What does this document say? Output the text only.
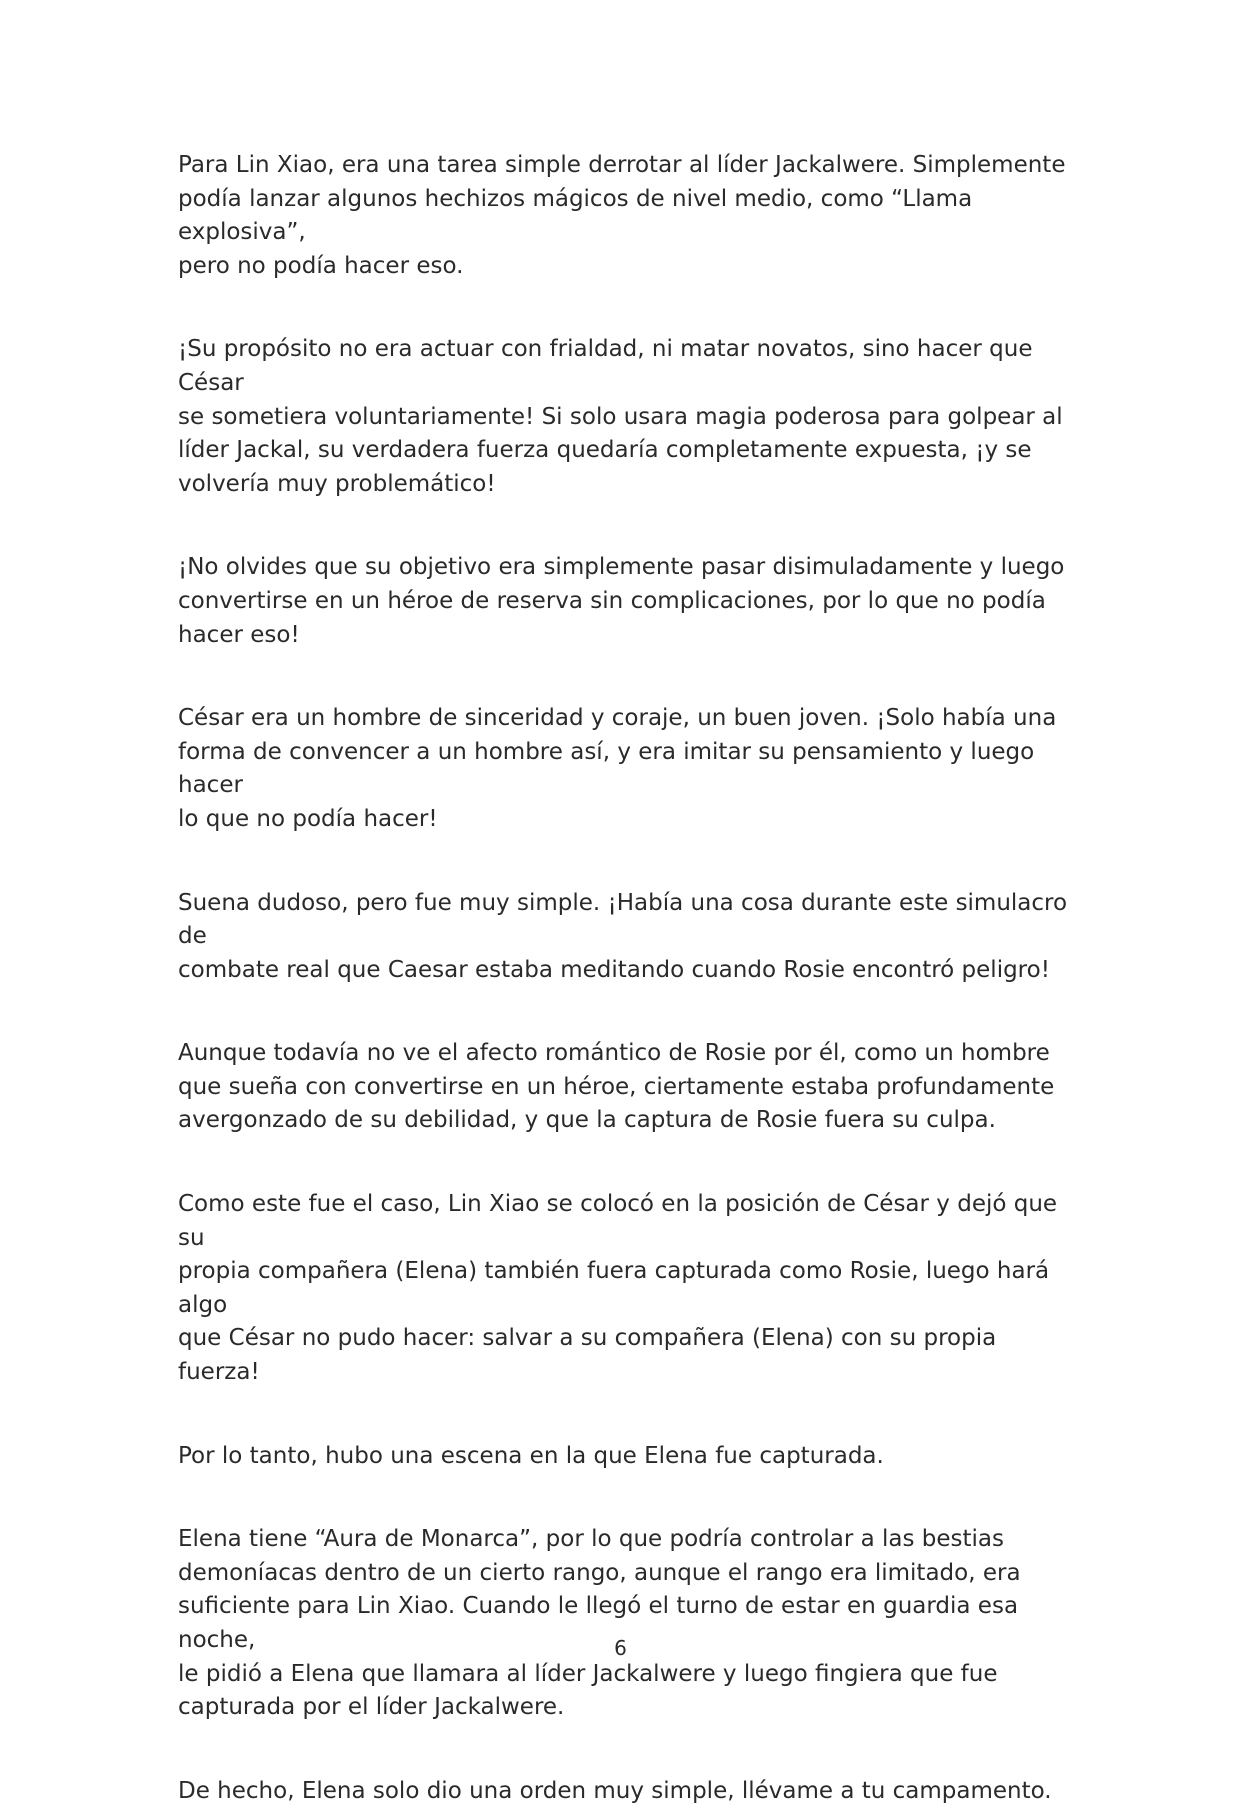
Para Lin Xiao, era una tarea simple derrotar al líder Jackalwere. Simplemente
podía lanzar algunos hechizos mágicos de nivel medio, como “Llama explosiva”,
pero no podía hacer eso.

¡Su propósito no era actuar con frialdad, ni matar novatos, sino hacer que César
se sometiera voluntariamente! Si solo usara magia poderosa para golpear al
líder Jackal, su verdadera fuerza quedaría completamente expuesta, ¡y se
volvería muy problemático!

¡No olvides que su objetivo era simplemente pasar disimuladamente y luego
convertirse en un héroe de reserva sin complicaciones, por lo que no podía
hacer eso!

César era un hombre de sinceridad y coraje, un buen joven. ¡Solo había una
forma de convencer a un hombre así, y era imitar su pensamiento y luego hacer
lo que no podía hacer!

Suena dudoso, pero fue muy simple. ¡Había una cosa durante este simulacro de
combate real que Caesar estaba meditando cuando Rosie encontró peligro!

Aunque todavía no ve el afecto romántico de Rosie por él, como un hombre
que sueña con convertirse en un héroe, ciertamente estaba profundamente
avergonzado de su debilidad, y que la captura de Rosie fuera su culpa.

Como este fue el caso, Lin Xiao se colocó en la posición de César y dejó que su
propia compañera (Elena) también fuera capturada como Rosie, luego hará algo
que César no pudo hacer: salvar a su compañera (Elena) con su propia fuerza!

Por lo tanto, hubo una escena en la que Elena fue capturada.

Elena tiene “Aura de Monarca”, por lo que podría controlar a las bestias
demoníacas dentro de un cierto rango, aunque el rango era limitado, era
suficiente para Lin Xiao. Cuando le llegó el turno de estar en guardia esa noche,
le pidió a Elena que llamara al líder Jackalwere y luego fingiera que fue
capturada por el líder Jackalwere.

De hecho, Elena solo dio una orden muy simple, llévame a tu campamento.

6
